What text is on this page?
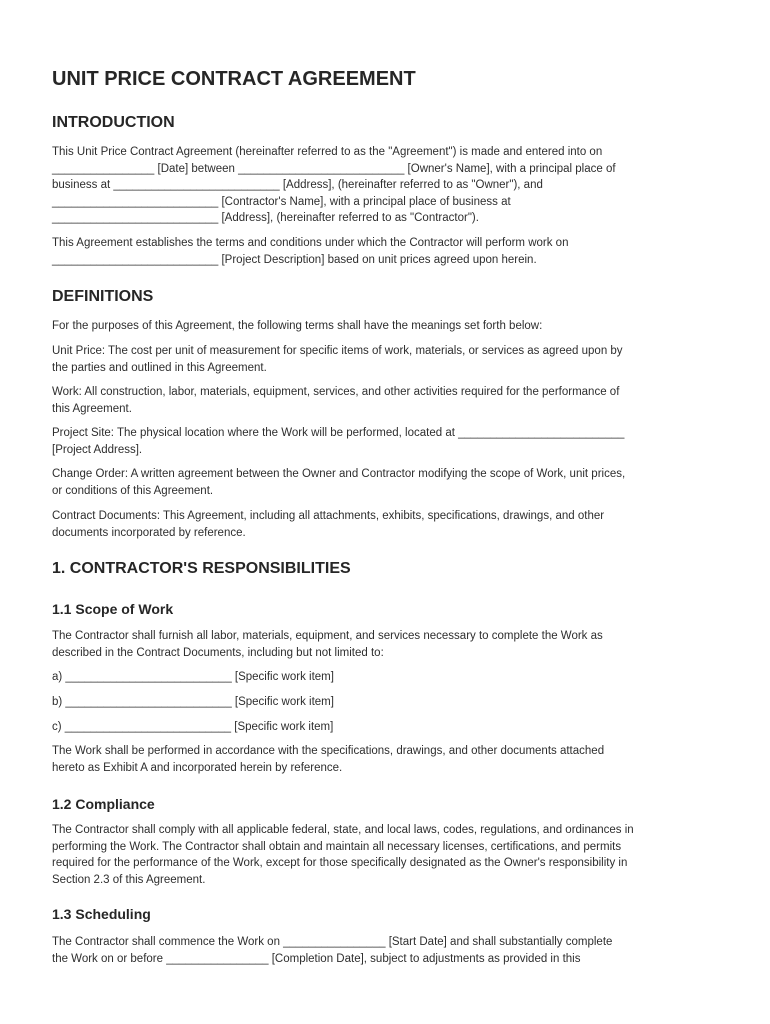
UNIT PRICE CONTRACT AGREEMENT
INTRODUCTION
This Unit Price Contract Agreement (hereinafter referred to as the "Agreement") is made and entered into on
________________ [Date] between __________________________ [Owner's Name], with a principal place of
business at __________________________ [Address], (hereinafter referred to as "Owner"), and
__________________________ [Contractor's Name], with a principal place of business at
__________________________ [Address], (hereinafter referred to as "Contractor").
This Agreement establishes the terms and conditions under which the Contractor will perform work on
__________________________ [Project Description] based on unit prices agreed upon herein.
DEFINITIONS
For the purposes of this Agreement, the following terms shall have the meanings set forth below:
Unit Price: The cost per unit of measurement for specific items of work, materials, or services as agreed upon by
the parties and outlined in this Agreement.
Work: All construction, labor, materials, equipment, services, and other activities required for the performance of
this Agreement.
Project Site: The physical location where the Work will be performed, located at __________________________
[Project Address].
Change Order: A written agreement between the Owner and Contractor modifying the scope of Work, unit prices,
or conditions of this Agreement.
Contract Documents: This Agreement, including all attachments, exhibits, specifications, drawings, and other
documents incorporated by reference.
1. CONTRACTOR'S RESPONSIBILITIES
1.1 Scope of Work
The Contractor shall furnish all labor, materials, equipment, and services necessary to complete the Work as
described in the Contract Documents, including but not limited to:
a) __________________________ [Specific work item]
b) __________________________ [Specific work item]
c) __________________________ [Specific work item]
The Work shall be performed in accordance with the specifications, drawings, and other documents attached
hereto as Exhibit A and incorporated herein by reference.
1.2 Compliance
The Contractor shall comply with all applicable federal, state, and local laws, codes, regulations, and ordinances in
performing the Work. The Contractor shall obtain and maintain all necessary licenses, certifications, and permits
required for the performance of the Work, except for those specifically designated as the Owner's responsibility in
Section 2.3 of this Agreement.
1.3 Scheduling
The Contractor shall commence the Work on ________________ [Start Date] and shall substantially complete
the Work on or before ________________ [Completion Date], subject to adjustments as provided in this
